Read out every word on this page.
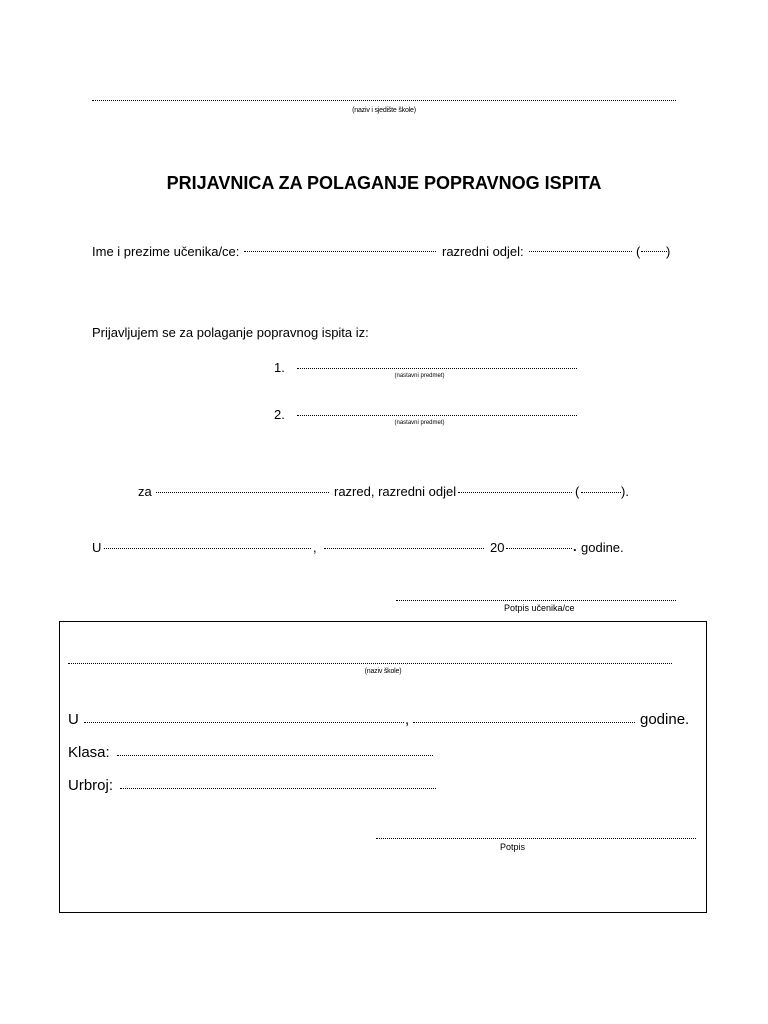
(naziv i sjedište škole)
PRIJAVNICA ZA POLAGANJE POPRAVNOG ISPITA
Ime i prezime učenika/ce:	razredni odjel:	( )
Prijavljujem se za polaganje popravnog ispita iz:
1.
(nastavni predmet)
2.
(nastavni predmet)
za	razred, razredni odjel	(	).
U	,	20	. godine.
Potpis učenika/ce
(naziv škole)
U	,	godine.
Klasa:
Urbroj:
Potpis
